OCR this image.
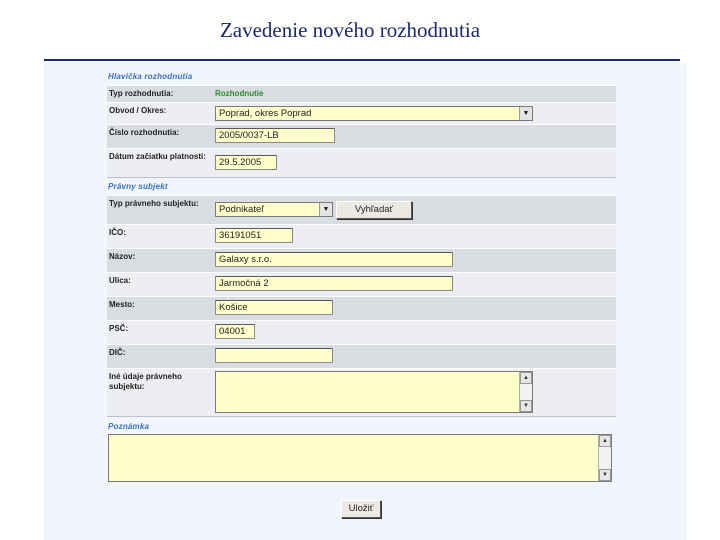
Zavedenie nového rozhodnutia
Hlavička rozhodnutia
Typ rozhodnutia:	Rozhodnutie
Obvod / Okres:	Poprad, okres Poprad	▼
Číslo rozhodnutia:	2005/0037-LB
Dátum začiatku platnosti:
29.5.2005
Právny subjekt
Typ právneho subjektu:
Podnikateľ	▼	Vyhľadať
IČO:	36191051
Názov:	Galaxy s.r.o.
Ulica:	Jarmočná 2
Mesto:	Košice
PSČ:	04001
DIČ:
Iné údaje právneho subjektu:
▲
▼
Poznámka
▲
▼
Uložiť
